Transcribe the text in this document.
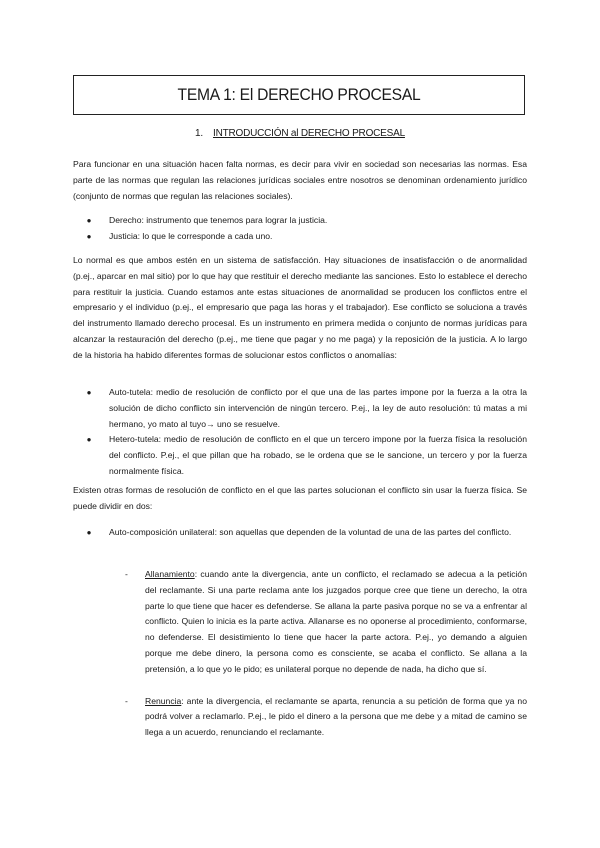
TEMA 1: El DERECHO PROCESAL
1. INTRODUCCIÓN al DERECHO PROCESAL

Para funcionar en una situación hacen falta normas, es decir para vivir en sociedad son necesarias las normas. Esa parte de las normas que regulan las relaciones jurídicas sociales entre nosotros se denominan ordenamiento jurídico (conjunto de normas que regulan las relaciones sociales).

● Derecho: instrumento que tenemos para lograr la justicia.
● Justicia: lo que le corresponde a cada uno.

Lo normal es que ambos estén en un sistema de satisfacción. Hay situaciones de insatisfacción o de anormalidad (p.ej., aparcar en mal sitio) por lo que hay que restituir el derecho mediante las sanciones. Esto lo establece el derecho para restituir la justicia. Cuando estamos ante estas situaciones de anormalidad se producen los conflictos entre el empresario y el individuo (p.ej., el empresario que paga las horas y el trabajador). Ese conflicto se soluciona a través del instrumento llamado derecho procesal. Es un instrumento en primera medida o conjunto de normas jurídicas para alcanzar la restauración del derecho (p.ej., me tiene que pagar y no me paga) y la reposición de la justicia. A lo largo de la historia ha habido diferentes formas de solucionar estos conflictos o anomalías:

● Auto-tutela: medio de resolución de conflicto por el que una de las partes impone por la fuerza a la otra la solución de dicho conflicto sin intervención de ningún tercero. P.ej., la ley de auto resolución: tú matas a mi hermano, yo mato al tuyo→ uno se resuelve.
● Hetero-tutela: medio de resolución de conflicto en el que un tercero impone por la fuerza física la resolución del conflicto. P.ej., el que pillan que ha robado, se le ordena que se le sancione, un tercero y por la fuerza normalmente física.

Existen otras formas de resolución de conflicto en el que las partes solucionan el conflicto sin usar la fuerza física. Se puede dividir en dos:

● Auto-composición unilateral: son aquellas que dependen de la voluntad de una de las partes del conflicto.
- Allanamiento: cuando ante la divergencia, ante un conflicto, el reclamado se adecua a la petición del reclamante. Si una parte reclama ante los juzgados porque cree que tiene un derecho, la otra parte lo que tiene que hacer es defenderse. Se allana la parte pasiva porque no se va a enfrentar al conflicto. Quien lo inicia es la parte activa. Allanarse es no oponerse al procedimiento, conformarse, no defenderse. El desistimiento lo tiene que hacer la parte actora. P.ej., yo demando a alguien porque me debe dinero, la persona como es consciente, se acaba el conflicto. Se allana a la pretensión, a lo que yo le pido; es unilateral porque no depende de nada, ha dicho que sí.
- Renuncia: ante la divergencia, el reclamante se aparta, renuncia a su petición de forma que ya no podrá volver a reclamarlo. P.ej., le pido el dinero a la persona que me debe y a mitad de camino se llega a un acuerdo, renunciando el reclamante.
